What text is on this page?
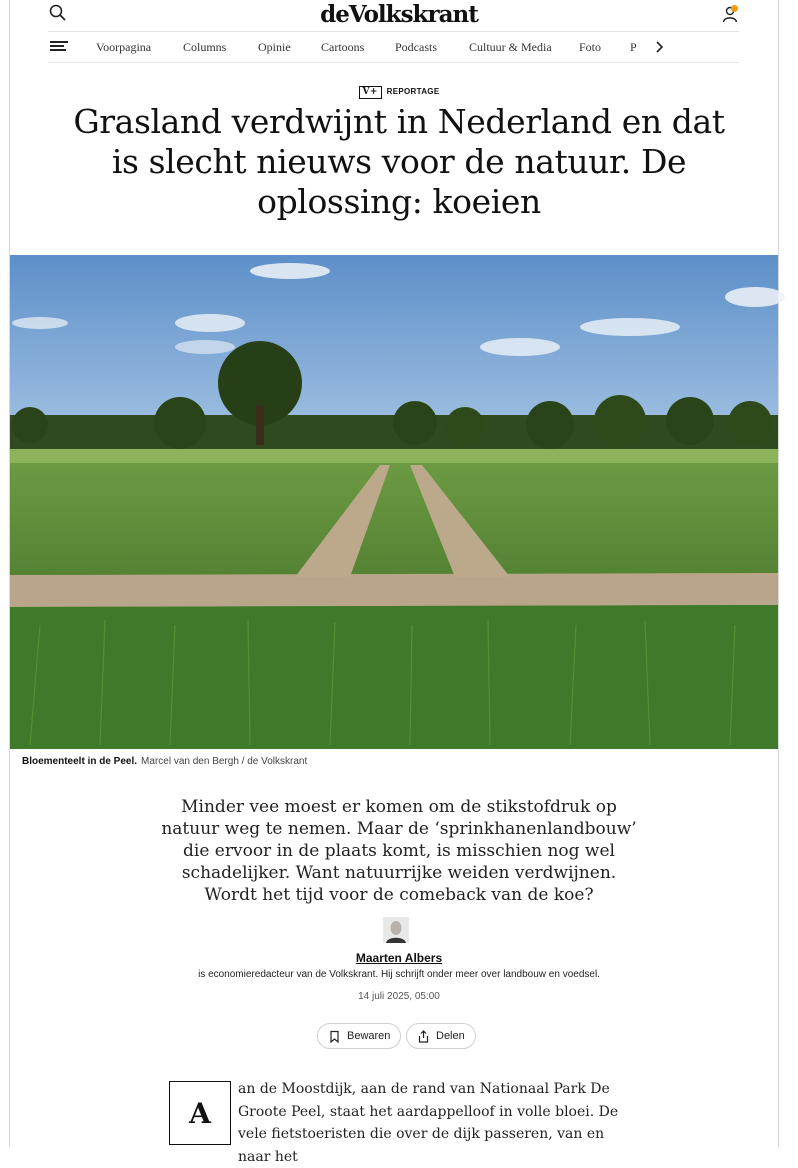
deVolkskrant
Voorpagina	Columns	Opinie	Cartoons	Podcasts	Cultuur & Media Foto P
V+ REPORTAGE
Grasland verdwijnt in Nederland en dat is slecht nieuws voor de natuur. De oplossing: koeien
Bloementeelt in de Peel. Marcel van den Bergh / de Volkskrant

Minder vee moest er komen om de stikstofdruk op natuur weg te nemen. Maar de ‘sprinkhanenlandbouw’ die ervoor in de plaats komt, is misschien nog wel schadelijker. Want natuurrijke weiden verdwijnen. Wordt het tijd voor de comeback van de koe?

Maarten Albers
is economieredacteur van de Volkskrant. Hij schrijft onder meer over landbouw en voedsel.
14 juli 2025, 05:00
Bewaren	Delen
A

an de Moostdijk, aan de rand van Nationaal Park De Groote Peel, staat het aardappelloof in volle bloei. De vele fietstoeristen die over de dijk passeren, van en naar het
